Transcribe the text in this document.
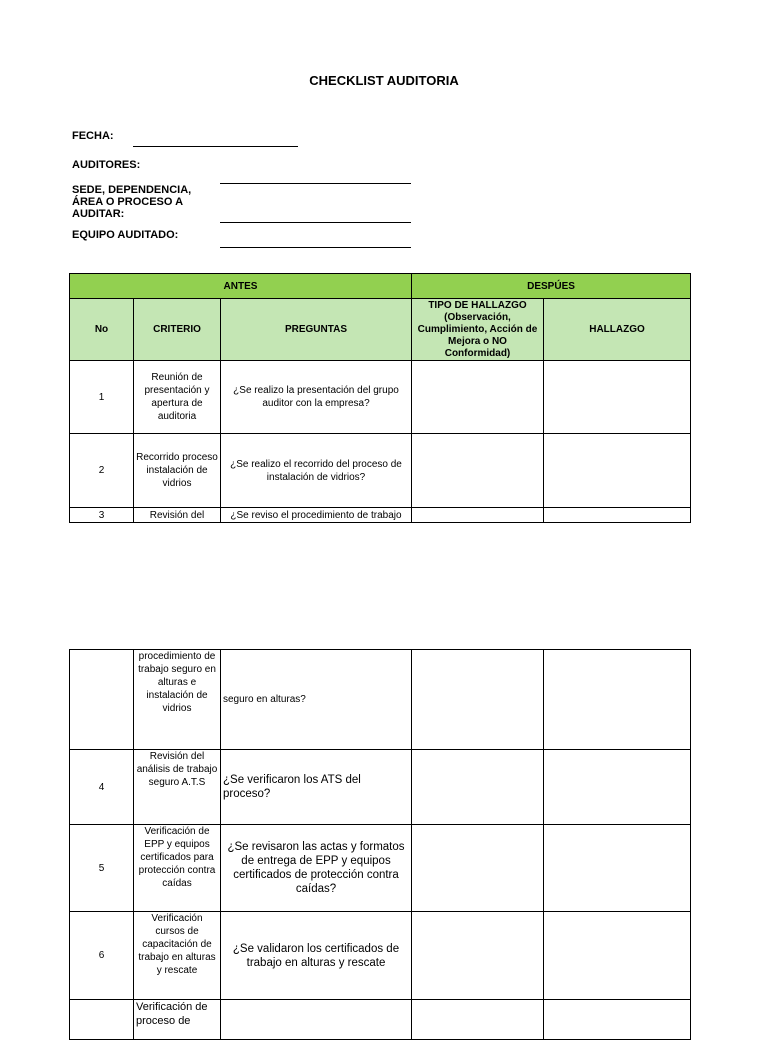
CHECKLIST AUDITORIA
FECHA:
AUDITORES:
SEDE, DEPENDENCIA, ÁREA O PROCESO A AUDITAR:
EQUIPO AUDITADO:
ANTES			DESPÚES	
No	CRITERIO	PREGUNTAS	TIPO DE HALLAZGO (Observación, Cumplimiento, Acción de Mejora o NO Conformidad)	HALLAZGO
1	Reunión de presentación y apertura de auditoria	¿Se realizo la presentación del grupo auditor con la empresa?		
2	Recorrido proceso instalación de vidrios	¿Se realizo el recorrido del proceso de instalación de vidrios?		
3	Revisión del	¿Se reviso el procedimiento de trabajo		
	procedimiento de trabajo seguro en alturas e instalación de vidrios	seguro en alturas?		
4	Revisión del análisis de trabajo seguro A.T.S	¿Se verificaron los ATS del proceso?		
5	Verificación de EPP y equipos certificados para protección contra caídas	¿Se revisaron las actas y formatos de entrega de EPP y equipos certificados de protección contra caídas?		
6	Verificación cursos de capacitación de trabajo en alturas y rescate	¿Se validaron los certificados de trabajo en alturas y rescate		
	Verificación de proceso de			
